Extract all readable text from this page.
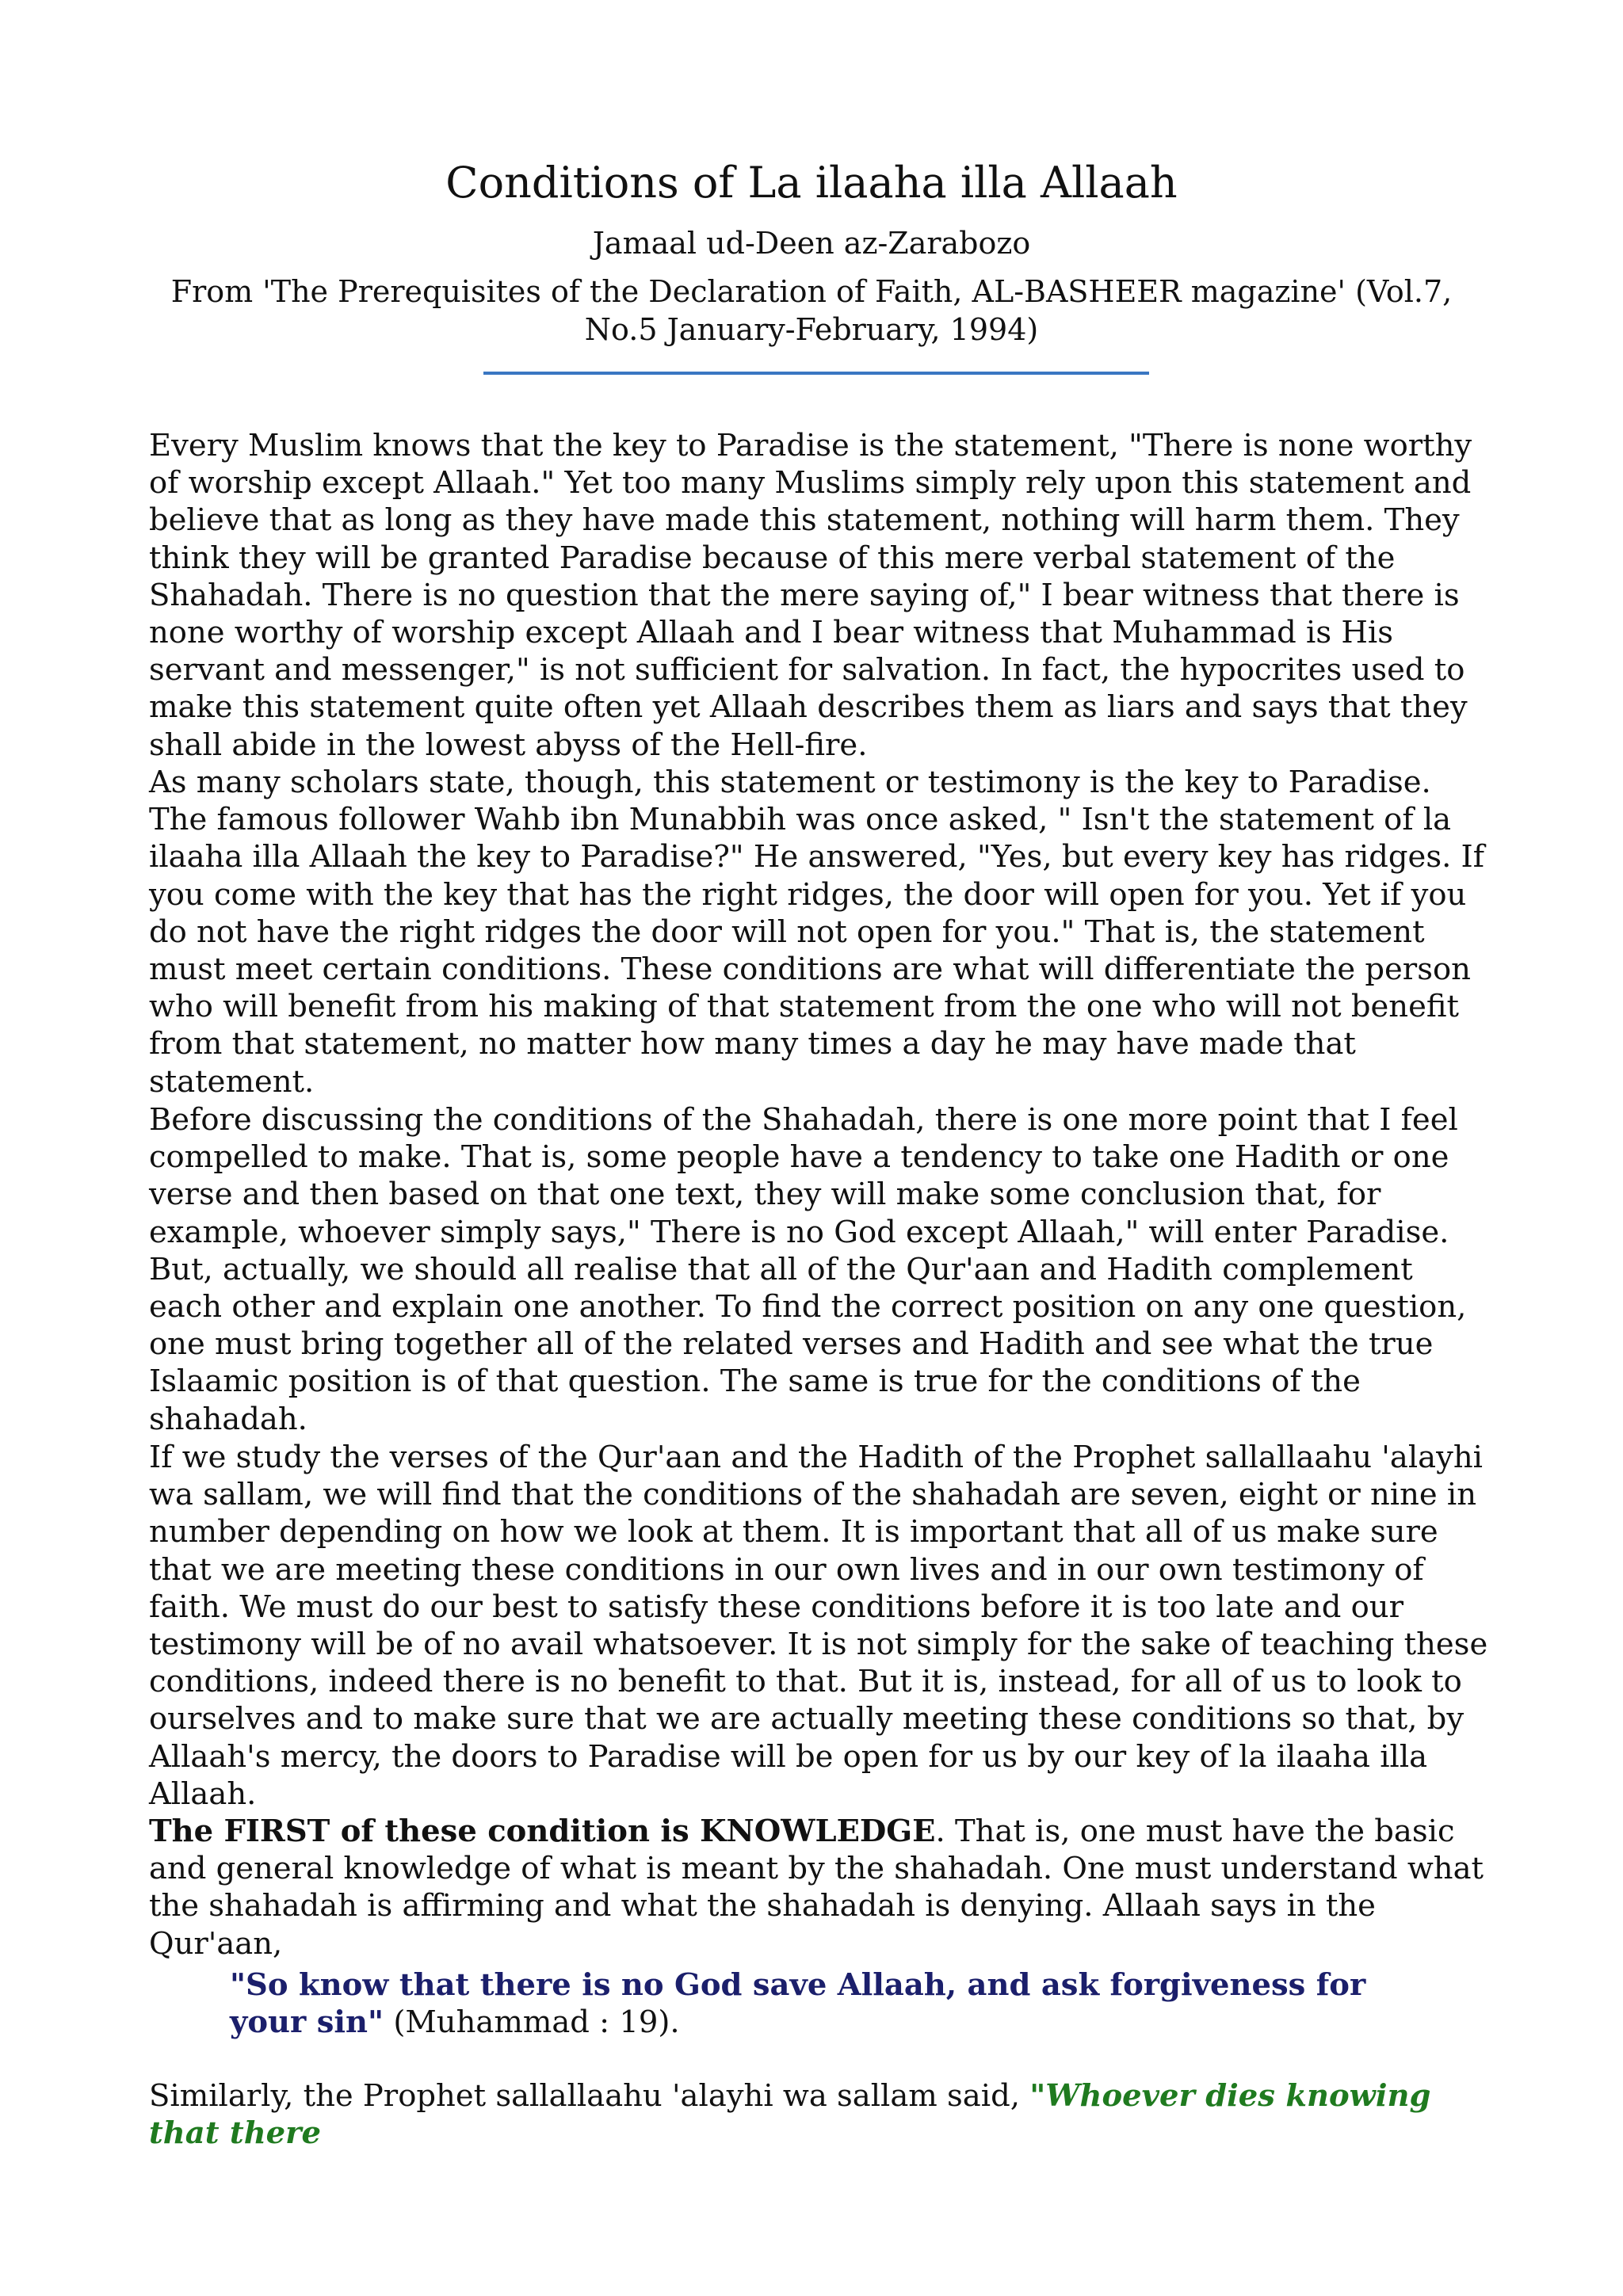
Conditions of La ilaaha illa Allaah
Jamaal ud-Deen az-Zarabozo
From 'The Prerequisites of the Declaration of Faith, AL-BASHEER magazine' (Vol.7, No.5 January-February, 1994)

Every Muslim knows that the key to Paradise is the statement, "There is none worthy of worship except Allaah." Yet too many Muslims simply rely upon this statement and believe that as long as they have made this statement, nothing will harm them. They think they will be granted Paradise because of this mere verbal statement of the Shahadah. There is no question that the mere saying of," I bear witness that there is none worthy of worship except Allaah and I bear witness that Muhammad is His servant and messenger," is not sufficient for salvation. In fact, the hypocrites used to make this statement quite often yet Allaah describes them as liars and says that they shall abide in the lowest abyss of the Hell-fire.

As many scholars state, though, this statement or testimony is the key to Paradise. The famous follower Wahb ibn Munabbih was once asked, " Isn't the statement of la ilaaha illa Allaah the key to Paradise?" He answered, "Yes, but every key has ridges. If you come with the key that has the right ridges, the door will open for you. Yet if you do not have the right ridges the door will not open for you." That is, the statement must meet certain conditions. These conditions are what will differentiate the person who will benefit from his making of that statement from the one who will not benefit from that statement, no matter how many times a day he may have made that statement.

Before discussing the conditions of the Shahadah, there is one more point that I feel compelled to make. That is, some people have a tendency to take one Hadith or one verse and then based on that one text, they will make some conclusion that, for example, whoever simply says," There is no God except Allaah," will enter Paradise. But, actually, we should all realise that all of the Qur'aan and Hadith complement each other and explain one another. To find the correct position on any one question, one must bring together all of the related verses and Hadith and see what the true Islaamic position is of that question. The same is true for the conditions of the shahadah.

If we study the verses of the Qur'aan and the Hadith of the Prophet sallallaahu 'alayhi wa sallam, we will find that the conditions of the shahadah are seven, eight or nine in number depending on how we look at them. It is important that all of us make sure that we are meeting these conditions in our own lives and in our own testimony of faith. We must do our best to satisfy these conditions before it is too late and our testimony will be of no avail whatsoever. It is not simply for the sake of teaching these conditions, indeed there is no benefit to that. But it is, instead, for all of us to look to ourselves and to make sure that we are actually meeting these conditions so that, by Allaah's mercy, the doors to Paradise will be open for us by our key of la ilaaha illa Allaah.

The FIRST of these condition is KNOWLEDGE. That is, one must have the basic and general knowledge of what is meant by the shahadah. One must understand what the shahadah is affirming and what the shahadah is denying. Allaah says in the Qur'aan,

"So know that there is no God save Allaah, and ask forgiveness for your sin" (Muhammad : 19).

Similarly, the Prophet sallallaahu 'alayhi wa sallam said, "Whoever dies knowing that there
